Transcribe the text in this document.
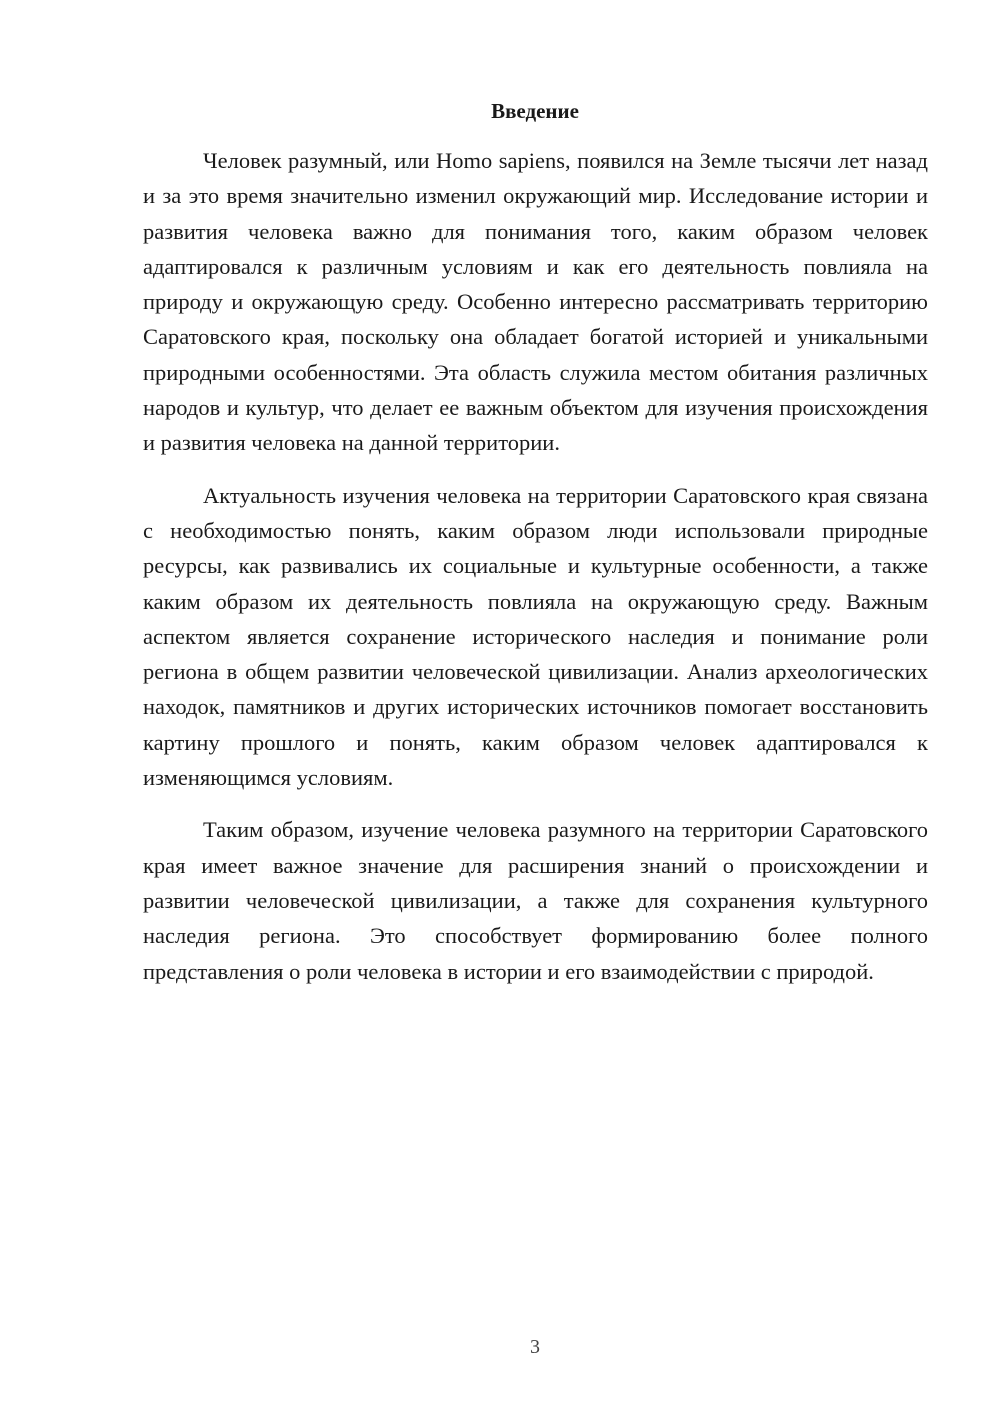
Введение

Человек разумный, или Homo sapiens, появился на Земле тысячи лет назад и за это время значительно изменил окружающий мир. Исследование истории и развития человека важно для понимания того, каким образом человек адаптировался к различным условиям и как его деятельность повлияла на природу и окружающую среду. Особенно интересно рассматривать территорию Саратовского края, поскольку она обладает богатой историей и уникальными природными особенностями. Эта область служила местом обитания различных народов и культур, что делает ее важным объектом для изучения происхождения и развития человека на данной территории.

Актуальность изучения человека на территории Саратовского края связана с необходимостью понять, каким образом люди использовали природные ресурсы, как развивались их социальные и культурные особенности, а также каким образом их деятельность повлияла на окружающую среду. Важным аспектом является сохранение исторического наследия и понимание роли региона в общем развитии человеческой цивилизации. Анализ археологических находок, памятников и других исторических источников помогает восстановить картину прошлого и понять, каким образом человек адаптировался к изменяющимся условиям.

Таким образом, изучение человека разумного на территории Саратовского края имеет важное значение для расширения знаний о происхождении и развитии человеческой цивилизации, а также для сохранения культурного наследия региона. Это способствует формированию более полного представления о роли человека в истории и его взаимодействии с природой.

3
